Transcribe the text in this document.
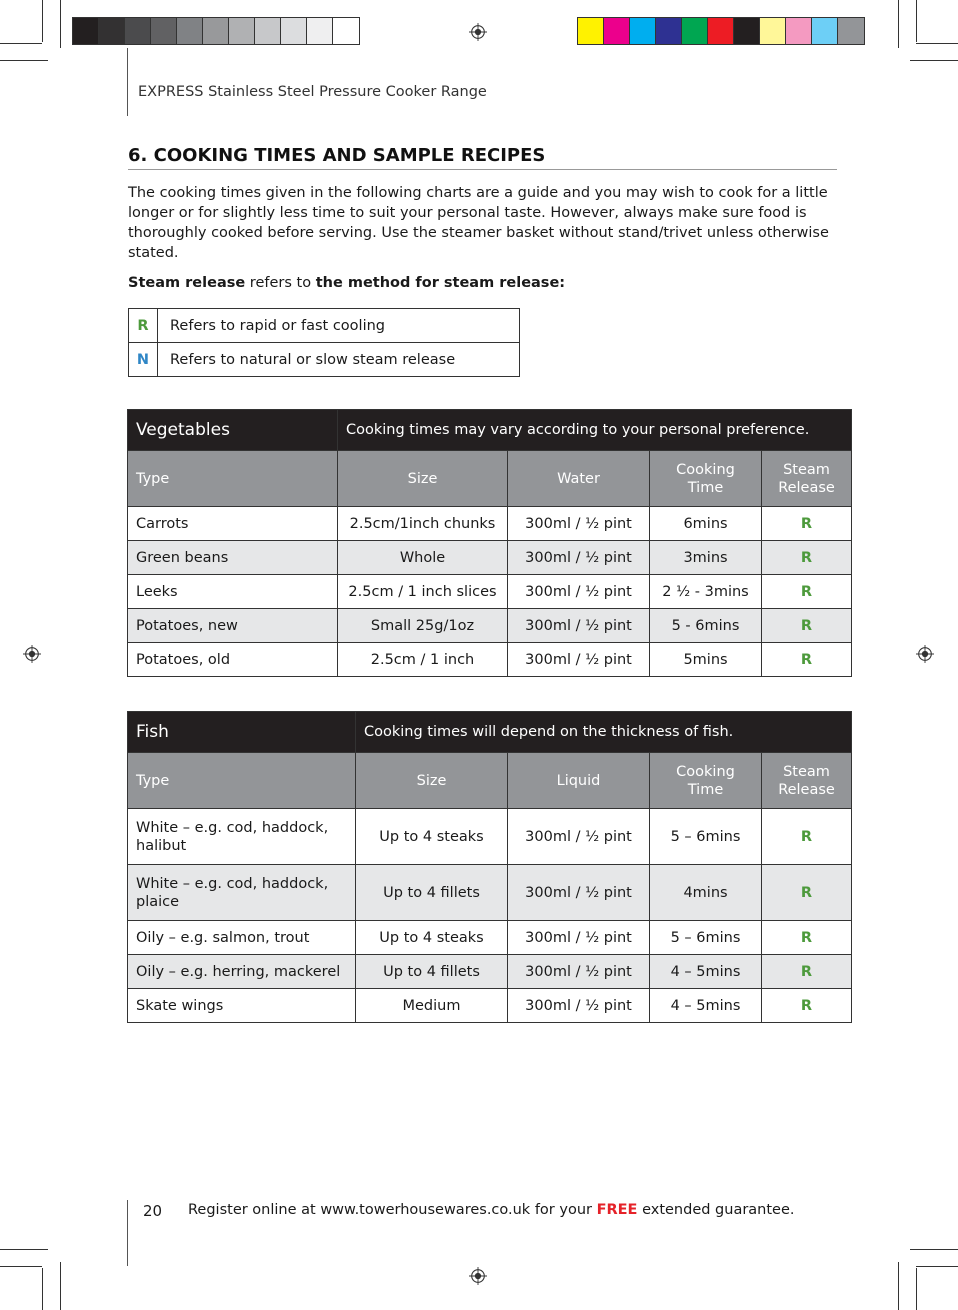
EXPRESS Stainless Steel Pressure Cooker Range
6. COOKING TIMES AND SAMPLE RECIPES
The cooking times given in the following charts are a guide and you may wish to cook for a little longer or for slightly less time to suit your personal taste. However, always make sure food is thoroughly cooked before serving. Use the steamer basket without stand/trivet unless otherwise stated.
Steam release refers to the method for steam release:
R	Refers to rapid or fast cooling
N	Refers to natural or slow steam release
Vegetables	Cooking times may vary according to your personal preference.			
Type	Size	Water	Cooking Time	Steam Release
Carrots	2.5cm/1inch chunks	300ml / ½ pint	6mins	R
Green beans	Whole	300ml / ½ pint	3mins	R
Leeks	2.5cm / 1 inch slices	300ml / ½ pint	2 ½ - 3mins	R
Potatoes, new	Small 25g/1oz	300ml / ½ pint	5 - 6mins	R
Potatoes, old	2.5cm / 1 inch	300ml / ½ pint	5mins	R
Fish	Cooking times will depend on the thickness of fish.			
Type	Size	Liquid	Cooking Time	Steam Release
White – e.g. cod, haddock, halibut	Up to 4 steaks	300ml / ½ pint	5 – 6mins	R
White – e.g. cod, haddock, plaice	Up to 4 fillets	300ml / ½ pint	4mins	R
Oily – e.g. salmon, trout	Up to 4 steaks	300ml / ½ pint	5 – 6mins	R
Oily – e.g. herring, mackerel	Up to 4 fillets	300ml / ½ pint	4 – 5mins	R
Skate wings	Medium	300ml / ½ pint	4 – 5mins	R
20 Register online at www.towerhousewares.co.uk for your FREE extended guarantee.
